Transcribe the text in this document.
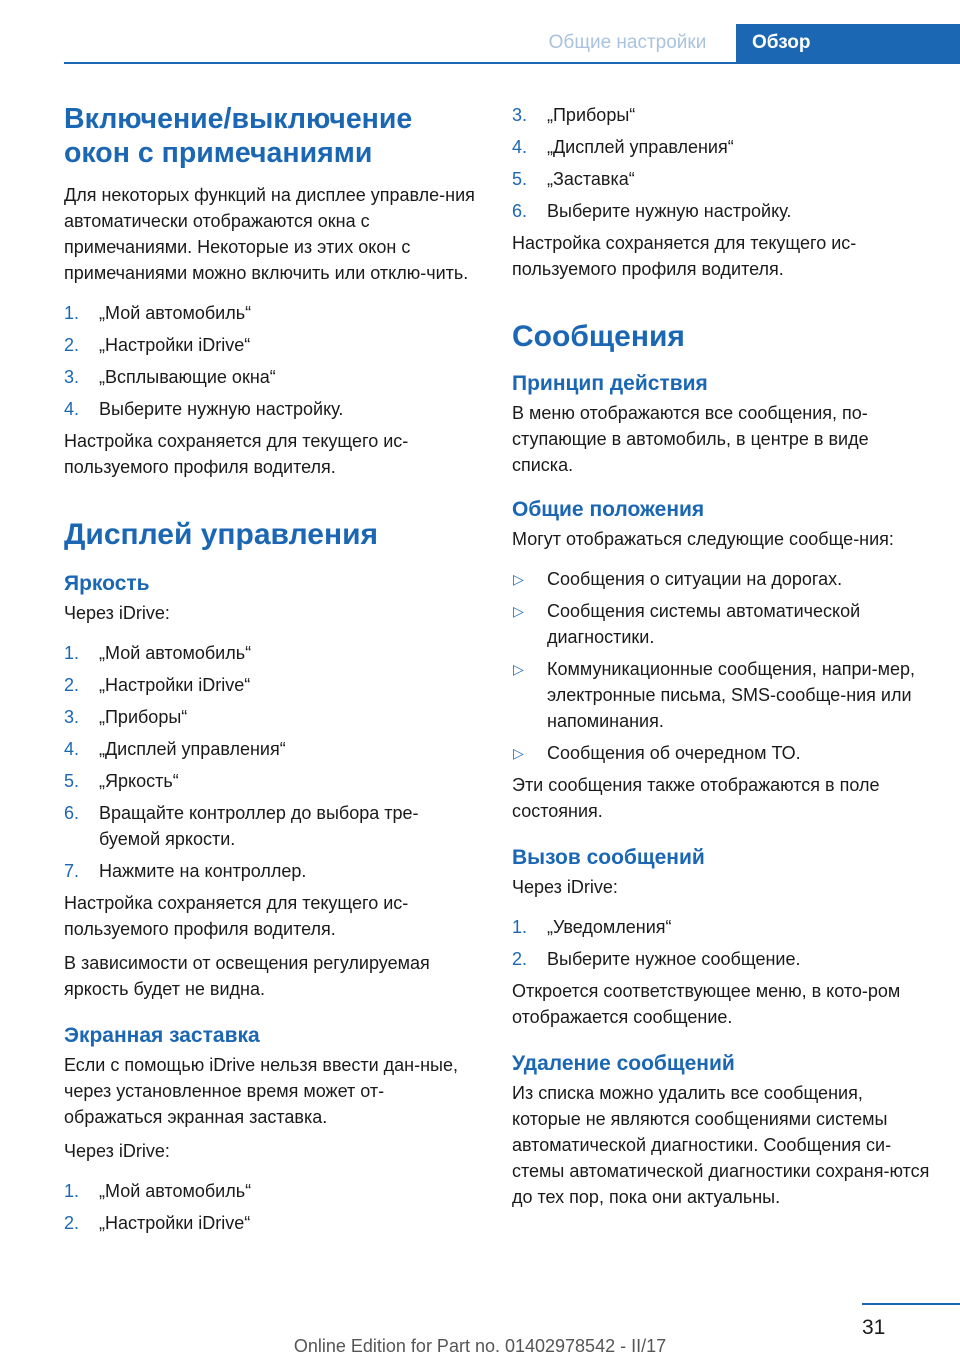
Общие настройки	Обзор
Включение/выключение окон с примечаниями

Для некоторых функций на дисплее управле-ния автоматически отображаются окна с примечаниями. Некоторые из этих окон с примечаниями можно включить или отклю-чить.

1. „Мой автомобиль“
2. „Настройки iDrive“
3. „Всплывающие окна“
4. Выберите нужную настройку.

Настройка сохраняется для текущего ис-пользуемого профиля водителя.

Дисплей управления
Яркость

Через iDrive:

1. „Мой автомобиль“
2. „Настройки iDrive“
3. „Приборы“
4. „Дисплей управления“
5. „Яркость“
6. Вращайте контроллер до выбора тре-буемой яркости.
7. Нажмите на контроллер.

Настройка сохраняется для текущего ис-пользуемого профиля водителя.

В зависимости от освещения регулируемая яркость будет не видна.

Экранная заставка

Если с помощью iDrive нельзя ввести дан-ные, через установленное время может от-ображаться экранная заставка.

Через iDrive:

1. „Мой автомобиль“
2. „Настройки iDrive“
3. „Приборы“
4. „Дисплей управления“
5. „Заставка“
6. Выберите нужную настройку.

Настройка сохраняется для текущего ис-пользуемого профиля водителя.

Сообщения
Принцип действия

В меню отображаются все сообщения, по-ступающие в автомобиль, в центре в виде списка.

Общие положения

Могут отображаться следующие сообще-ния:

▷ Сообщения о ситуации на дорогах.
▷ Сообщения системы автоматической диагностики.
▷ Коммуникационные сообщения, напри-мер, электронные письма, SMS-сообще-ния или напоминания.
▷ Сообщения об очередном ТО.

Эти сообщения также отображаются в поле состояния.

Вызов сообщений

Через iDrive:

1. „Уведомления“
2. Выберите нужное сообщение.

Откроется соответствующее меню, в кото-ром отображается сообщение.

Удаление сообщений

Из списка можно удалить все сообщения, которые не являются сообщениями системы автоматической диагностики. Сообщения си-стемы автоматической диагностики сохраня-ются до тех пор, пока они актуальны.

31
Online Edition for Part no. 01402978542 - II/17
